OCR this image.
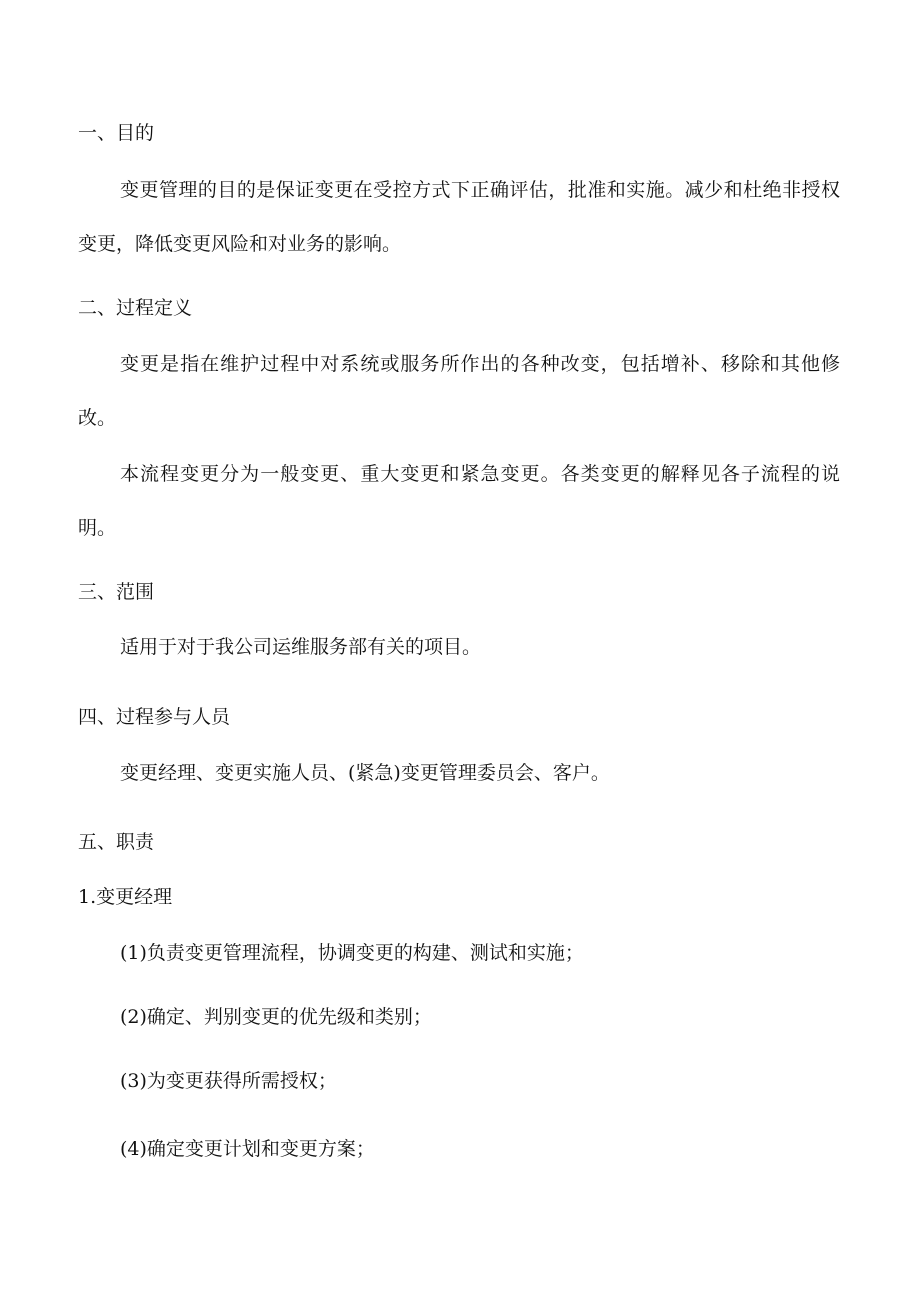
一、目的

变更管理的目的是保证变更在受控方式下正确评估，批准和实施。减少和杜绝非授权变更，降低变更风险和对业务的影响。

二、过程定义

变更是指在维护过程中对系统或服务所作出的各种改变，包括增补、移除和其他修改。

本流程变更分为一般变更、重大变更和紧急变更。各类变更的解释见各子流程的说明。

三、范围

适用于对于我公司运维服务部有关的项目。

四、过程参与人员

变更经理、变更实施人员、(紧急)变更管理委员会、客户。

五、职责

1.变更经理

(1)负责变更管理流程，协调变更的构建、测试和实施；

(2)确定、判别变更的优先级和类别；

(3)为变更获得所需授权；

(4)确定变更计划和变更方案；
